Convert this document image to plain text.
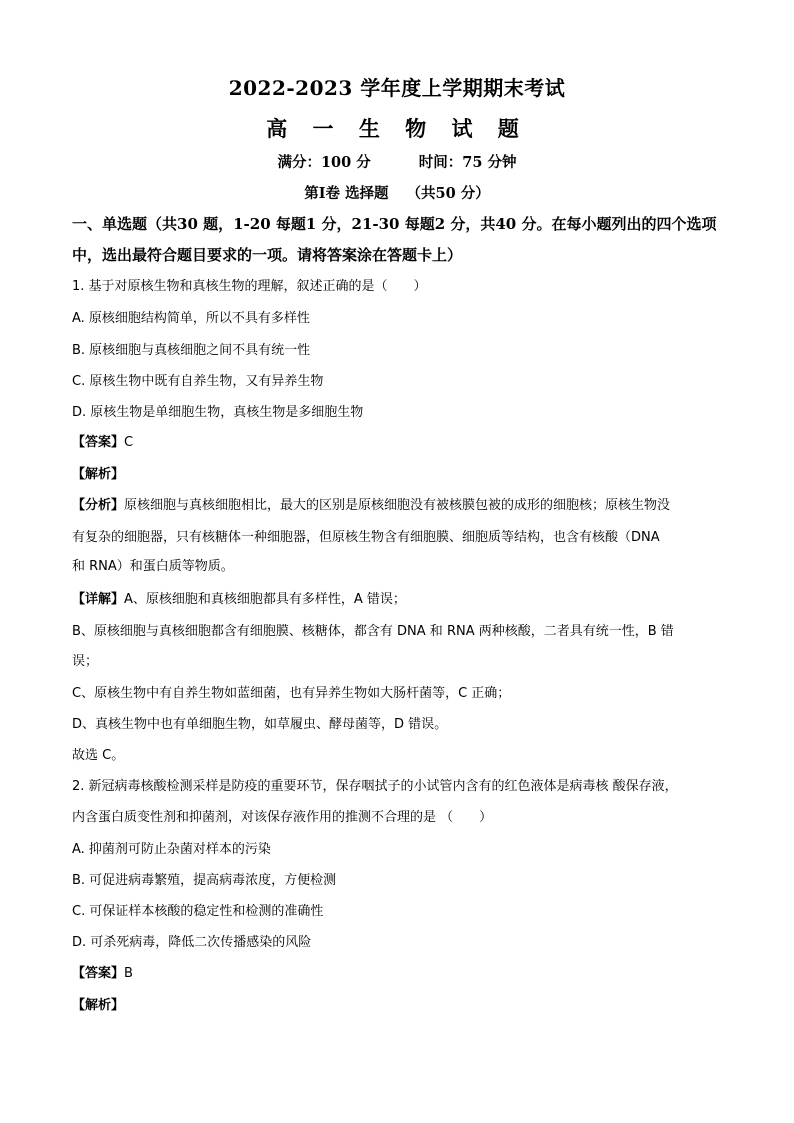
2022-2023 学年度上学期期末考试
高 一 生 物 试 题
满分：100 分	时间：75 分钟
第Ⅰ卷 选择题 （共50 分）
一、单选题（共30 题，1-20 每题1 分，21-30 每题2 分，共40 分。在每小题列出的四个选项
中，选出最符合题目要求的一项。请将答案涂在答题卡上）
1. 基于对原核生物和真核生物的理解，叙述正确的是（　　）
A. 原核细胞结构简单，所以不具有多样性
B. 原核细胞与真核细胞之间不具有统一性
C. 原核生物中既有自养生物，又有异养生物
D. 原核生物是单细胞生物，真核生物是多细胞生物
【答案】C
【解析】
【分析】原核细胞与真核细胞相比，最大的区别是原核细胞没有被核膜包被的成形的细胞核；原核生物没
有复杂的细胞器，只有核糖体一种细胞器，但原核生物含有细胞膜、细胞质等结构，也含有核酸（DNA
和 RNA）和蛋白质等物质。
【详解】A、原核细胞和真核细胞都具有多样性，A 错误；
B、原核细胞与真核细胞都含有细胞膜、核糖体，都含有 DNA 和 RNA 两种核酸，二者具有统一性，B 错
误；
C、原核生物中有自养生物如蓝细菌，也有异养生物如大肠杆菌等，C 正确；
D、真核生物中也有单细胞生物，如草履虫、酵母菌等，D 错误。
故选 C。
2. 新冠病毒核酸检测采样是防疫的重要环节，保存咽拭子的小试管内含有的红色液体是病毒核 酸保存液，
内含蛋白质变性剂和抑菌剂，对该保存液作用的推测不合理的是 （　　）
A. 抑菌剂可防止杂菌对样本的污染
B. 可促进病毒繁殖，提高病毒浓度，方便检测
C. 可保证样本核酸的稳定性和检测的准确性
D. 可杀死病毒，降低二次传播感染的风险
【答案】B
【解析】
